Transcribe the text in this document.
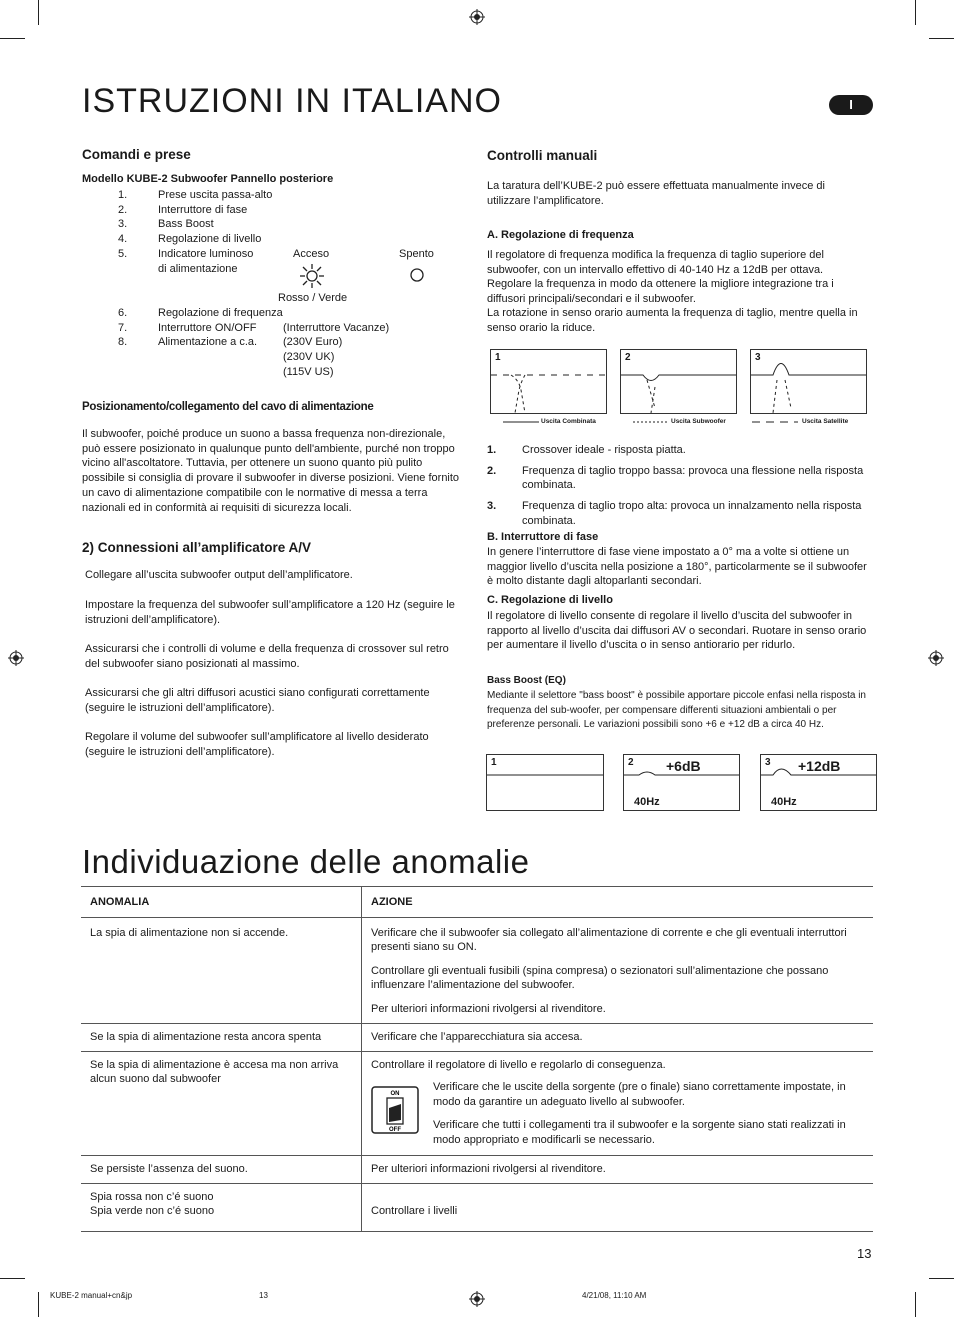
ISTRUZIONI IN ITALIANO	I
Comandi e prese
Modello KUBE-2 Subwoofer Pannello posteriore
1.	Prese uscita passa-alto
2.	Interruttore di fase
3.	Bass Boost
4.	Regolazione di livello
5.	Indicatore luminoso
di alimentazione
Acceso	Spento
Rosso / Verde
6.	Regolazione di frequenza
7.	Interruttore ON/OFF	(Interruttore Vacanze)
8.	Alimentazione a c.a.	(230V Euro)
(230V UK)
(115V US)
Posizionamento/collegamento del cavo di alimentazione
Il subwoofer, poiché produce un suono a bassa frequenza non-direzionale, può essere posizionato in qualunque punto dell'ambiente, purché non troppo vicino all'ascoltatore. Tuttavia, per ottenere un suono quanto più pulito possibile si consiglia di provare il subwoofer in diverse posizioni. Viene fornito un cavo di alimentazione compatibile con le normative di messa a terra nazionali ed in conformità ai requisiti di sicurezza locali.
2) Connessioni all’amplificatore A/V
Collegare all’uscita subwoofer output dell’amplificatore.
Impostare la frequenza del subwoofer sull’amplificatore a 120 Hz (seguire le istruzioni dell’amplificatore).
Assicurarsi che i controlli di volume e della frequenza di crossover sul retro del subwoofer siano posizionati al massimo.
Assicurarsi che gli altri diffusori acustici siano configurati correttamente (seguire le istruzioni dell’amplificatore).
Regolare il volume del subwoofer sull’amplificatore al livello desiderato (seguire le istruzioni dell’amplificatore).
Controlli manuali
La taratura dell’KUBE-2 può essere effettuata manualmente invece di utilizzare l’amplificatore.
A. Regolazione di frequenza
Il regolatore di frequenza modifica la frequenza di taglio superiore del subwoofer, con un intervallo effettivo di 40-140 Hz a 12dB per ottava. Regolare la frequenza in modo da ottenere la migliore integrazione tra i diffusori principali/secondari e il subwoofer.
La rotazione in senso orario aumenta la frequenza di taglio, mentre quella in senso orario la riduce.
1	2	3
Uscita Combinata	Uscita Subwoofer	Uscita Satellite
1.	Crossover ideale - risposta piatta.
2.	Frequenza di taglio troppo bassa: provoca una flessione nella risposta combinata.
3.	Frequenza di taglio tropo alta: provoca un innalzamento nella risposta combinata.
B. Interruttore di fase
In genere l’interruttore di fase viene impostato a 0° ma a volte si ottiene un maggior livello d’uscita nella posizione a 180°, particolarmente se il subwoofer è molto distante dagli altoparlanti secondari.
C. Regolazione di livello
Il regolatore di livello consente di regolare il livello d’uscita del subwoofer in rapporto al livello d’uscita dai diffusori AV o secondari. Ruotare in senso orario per aumentare il livello d’uscita o in senso antiorario per ridurlo.
Bass Boost (EQ)
Mediante il selettore "bass boost" è possibile apportare piccole enfasi nella risposta in frequenza del sub-woofer, per compensare differenti situazioni ambientali o per preferenze personali. Le variazioni possibili sono +6 e +12 dB a circa 40 Hz.
1	2 +6dB
40Hz
3 +12dB
40Hz
Individuazione delle anomalie
ANOMALIA	AZIONE
La spia di alimentazione non si accende.	Verificare che il subwoofer sia collegato all’alimentazione di corrente e che gli eventuali interruttori presenti siano su ON.
Controllare gli eventuali fusibili (spina compresa) o sezionatori sull’alimentazione che possano influenzare l’alimentazione del subwoofer.
Per ulteriori informazioni rivolgersi al rivenditore.

Se la spia di alimentazione resta ancora spenta	Verificare che l’apparecchiatura sia accesa.
Se la spia di alimentazione è accesa ma non arriva alcun suono dal subwoofer	Controllare il regolatore di livello e regolarlo di conseguenza.
ON
OFF
Verificare che le uscite della sorgente (pre o finale) siano correttamente impostate, in modo da garantire un adeguato livello al subwoofer.
Verificare che tutti i collegamenti tra il subwoofer e la sorgente siano stati realizzati in modo appropriato e modificarli se necessario.

Se persiste l’assenza del suono.	Per ulteriori informazioni rivolgersi al rivenditore.

Spia rossa non c’é suono
Spia verde non c’é suono	Controllare i livelli
13
KUBE-2 manual+cn&jp	13	4/21/08, 11:10 AM
